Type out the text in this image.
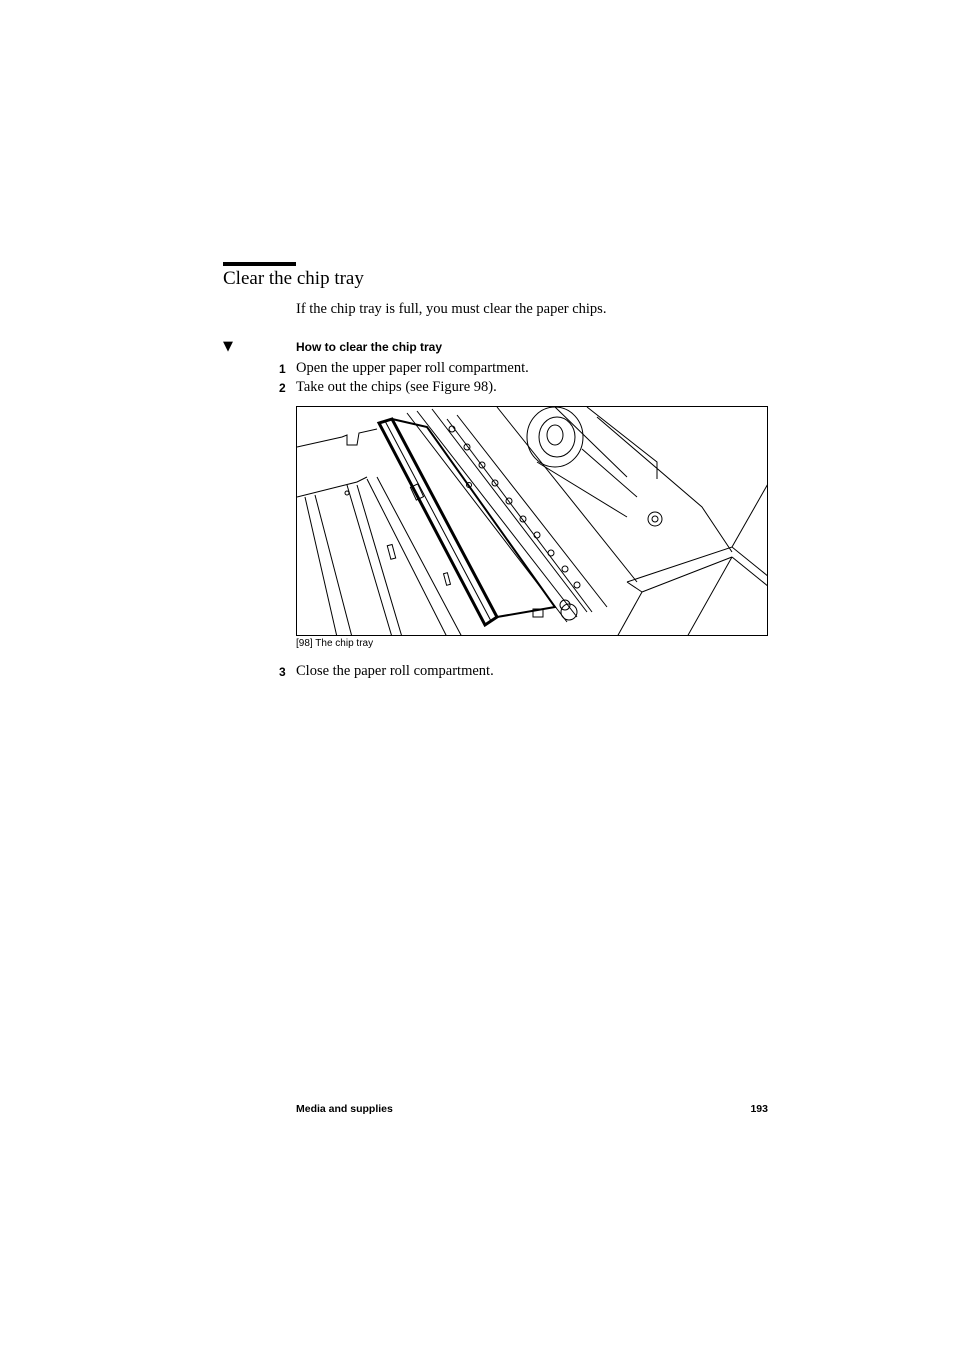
Clear the chip tray
If the chip tray is full, you must clear the paper chips.
▼	How to clear the chip tray
1 Open the upper paper roll compartment.
2 Take out the chips (see Figure 98).
[98] The chip tray
3 Close the paper roll compartment.
Media and supplies	193
